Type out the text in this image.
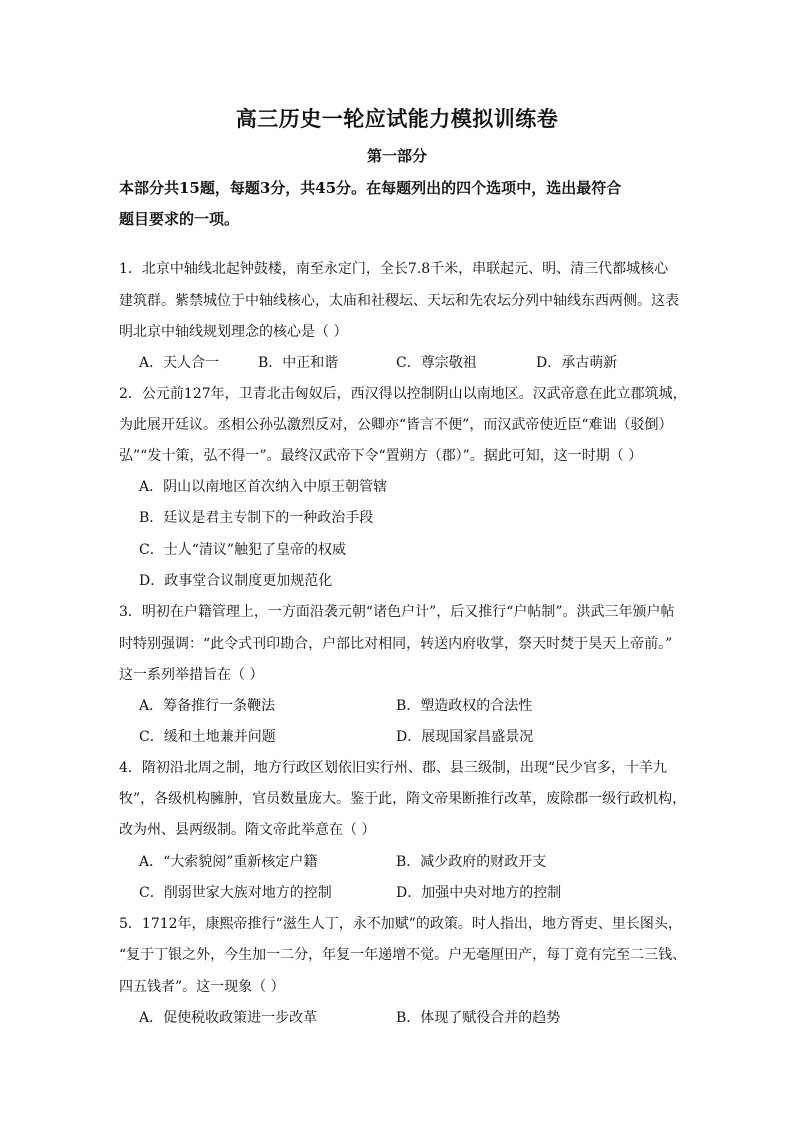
高三历史一轮应试能力模拟训练卷
第一部分
本部分共15题，每题3分，共45分。在每题列出的四个选项中，选出最符合
题目要求的一项。
1．北京中轴线北起钟鼓楼，南至永定门，全长7.8千米，串联起元、明、清三代都城核心
建筑群。紫禁城位于中轴线核心，太庙和社稷坛、天坛和先农坛分列中轴线东西两侧。这表
明北京中轴线规划理念的核心是（ ）
A．天人合一	B．中正和谐	C．尊宗敬祖	D．承古萌新
2．公元前127年，卫青北击匈奴后，西汉得以控制阴山以南地区。汉武帝意在此立郡筑城，
为此展开廷议。丞相公孙弘激烈反对，公卿亦“皆言不便”，而汉武帝使近臣“难诎（驳倒）
弘”“发十策，弘不得一”。最终汉武帝下令“置朔方（郡）”。据此可知，这一时期（ ）
A．阴山以南地区首次纳入中原王朝管辖
B．廷议是君主专制下的一种政治手段
C．士人“清议”触犯了皇帝的权威
D．政事堂合议制度更加规范化
3．明初在户籍管理上，一方面沿袭元朝“诸色户计”，后又推行“户帖制”。洪武三年颁户帖
时特别强调：“此令式刊印勘合，户部比对相同，转送内府收掌，祭天时焚于昊天上帝前。”
这一系列举措旨在（ ）
A．筹备推行一条鞭法	B．塑造政权的合法性
C．缓和土地兼并问题	D．展现国家昌盛景况
4．隋初沿北周之制，地方行政区划依旧实行州、郡、县三级制，出现“民少官多，十羊九
牧”，各级机构臃肿，官员数量庞大。鉴于此，隋文帝果断推行改革，废除郡一级行政机构，
改为州、县两级制。隋文帝此举意在（ ）
A．“大索貌阅”重新核定户籍	B．减少政府的财政开支
C．削弱世家大族对地方的控制	D．加强中央对地方的控制
5．1712年，康熙帝推行“滋生人丁，永不加赋”的政策。时人指出，地方胥吏、里长图头，
“复于丁银之外，今生加一二分，年复一年递增不觉。户无毫厘田产，每丁竟有完至二三钱、
四五钱者”。这一现象（ ）
A．促使税收政策进一步改革	B．体现了赋役合并的趋势
